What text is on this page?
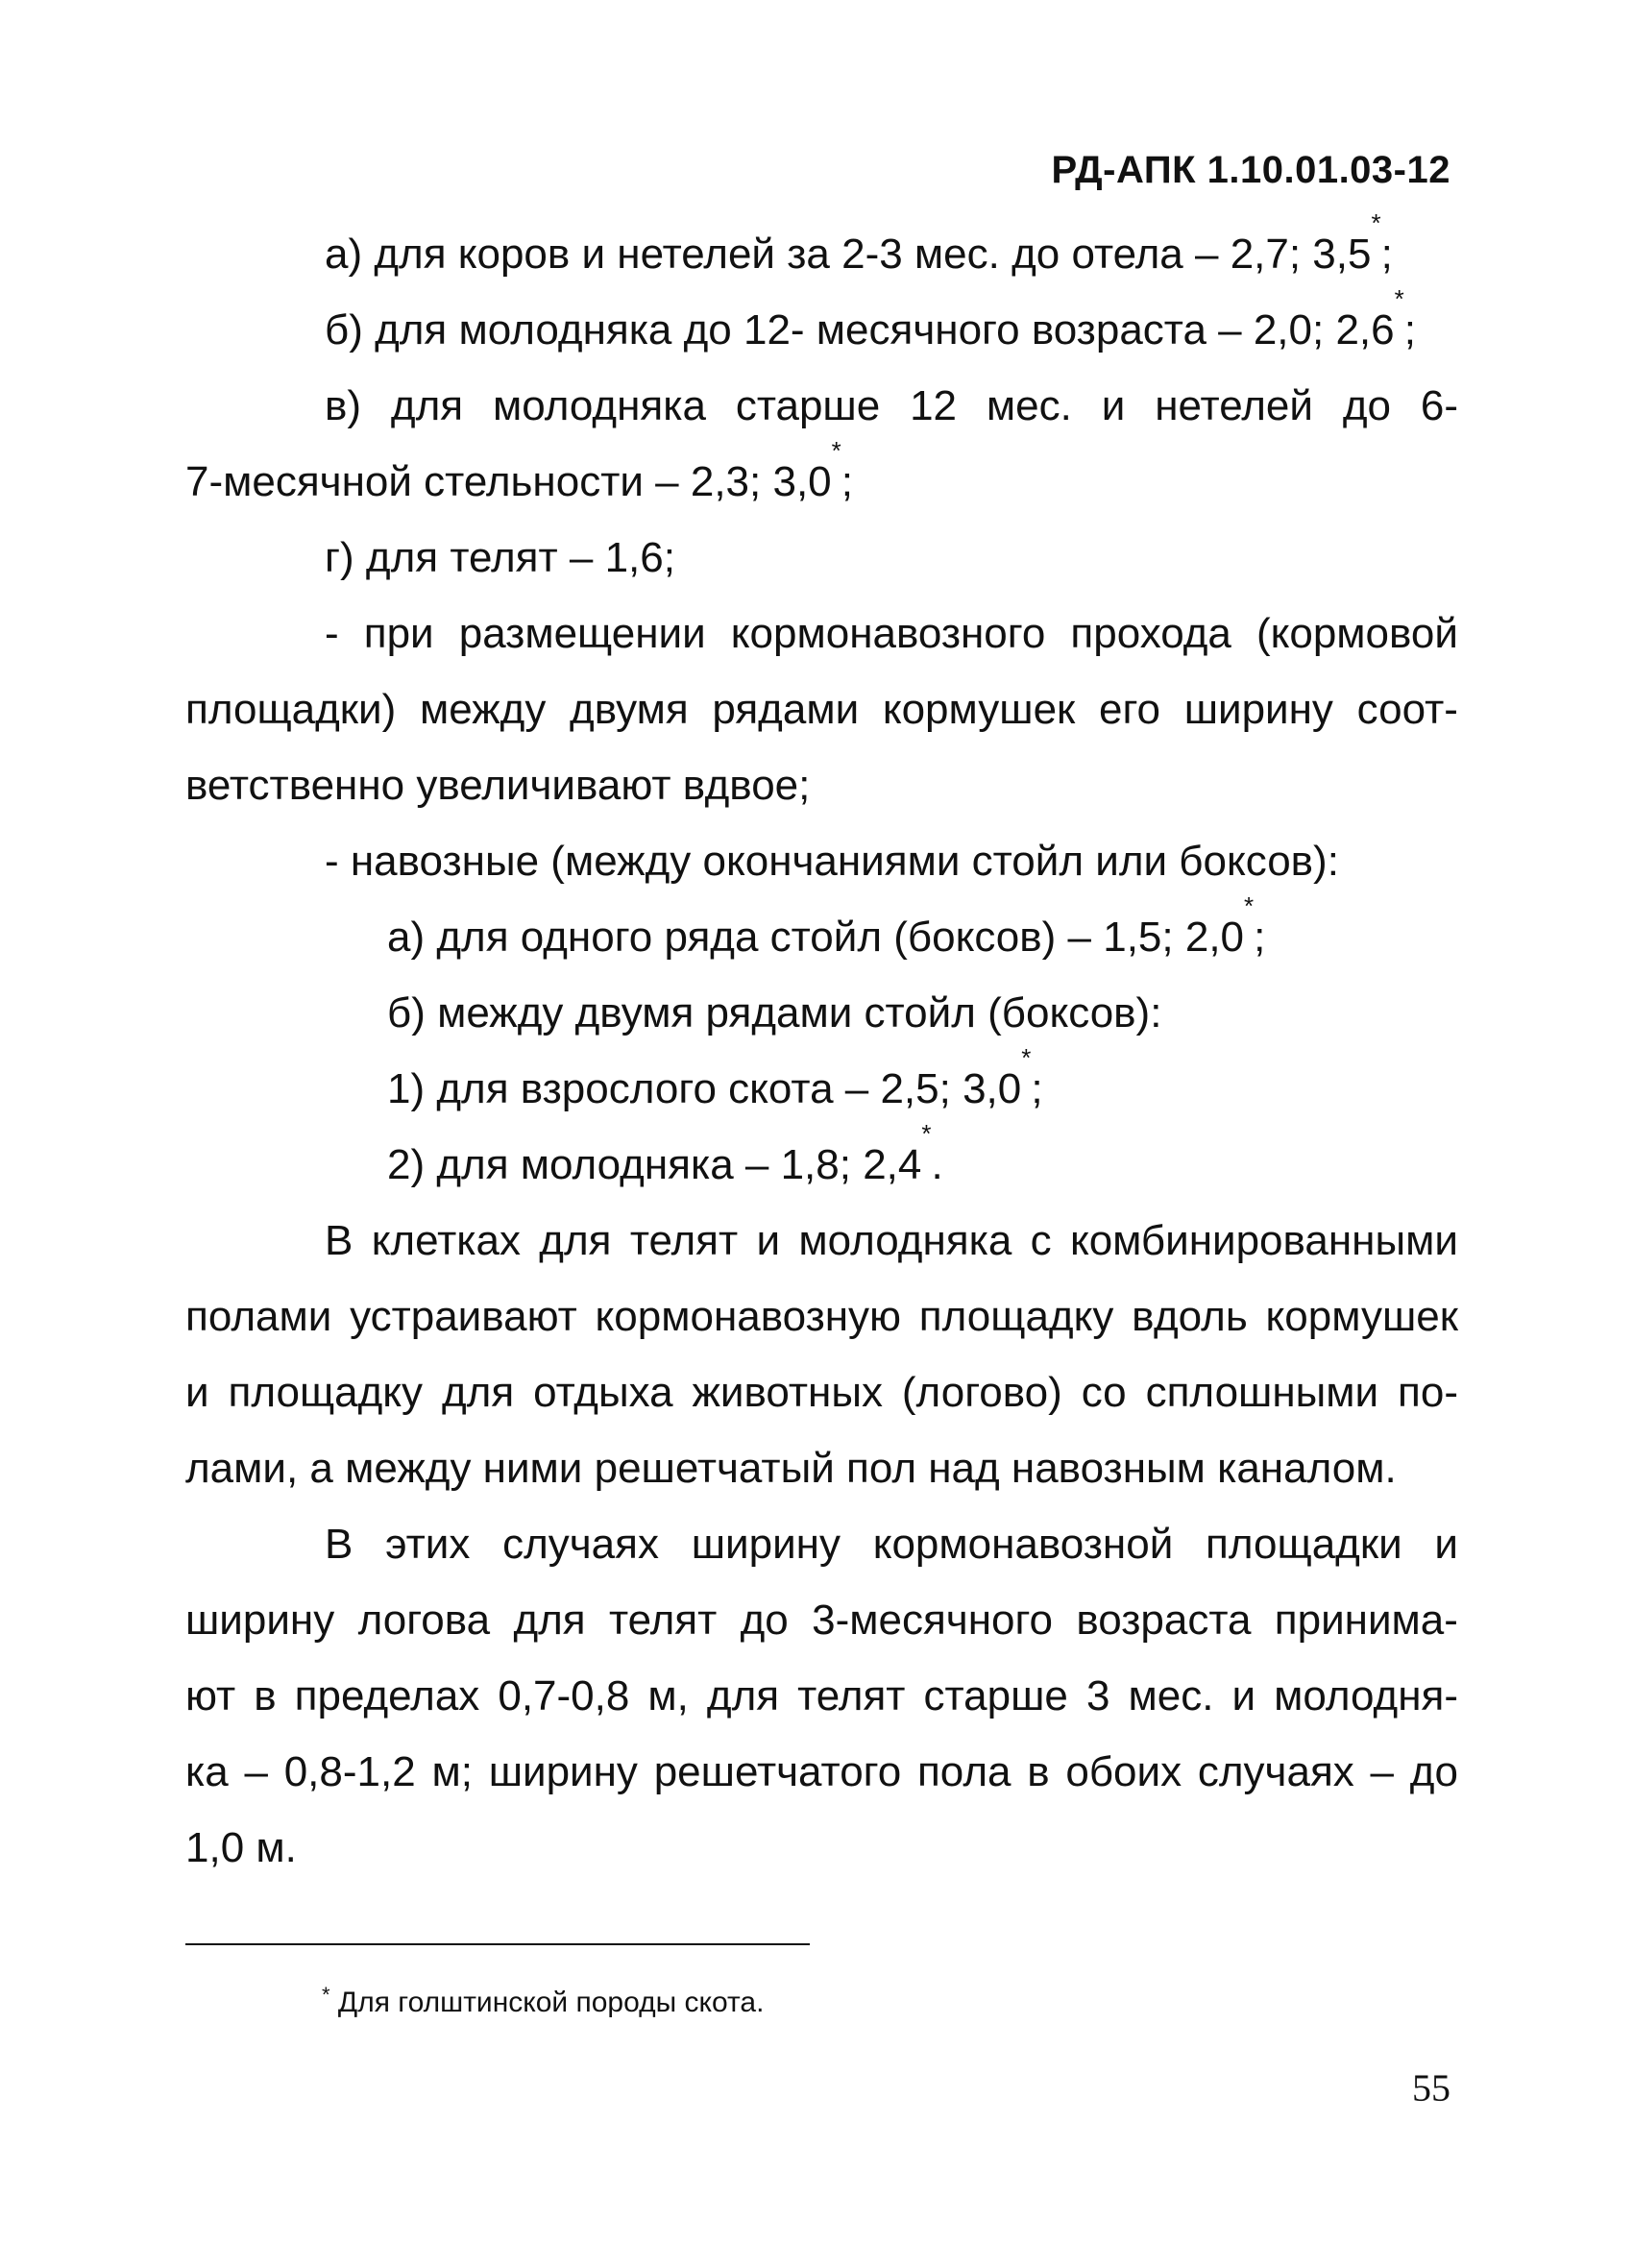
РД-АПК 1.10.01.03-12
а) для коров и нетелей за 2-3 мес. до отела – 2,7; 3,5*;
б) для молодняка до 12- месячного возраста – 2,0; 2,6*;
в) для молодняка старше 12 мес. и нетелей до 6-
7-месячной стельности – 2,3; 3,0*;
г) для телят – 1,6;
- при размещении кормонавозного прохода (кормовой
площадки) между двумя рядами кормушек его ширину соот-
ветственно увеличивают вдвое;
- навозные (между окончаниями стойл или боксов):
а) для одного ряда стойл (боксов) – 1,5; 2,0*;
б) между двумя рядами стойл (боксов):
1) для взрослого скота – 2,5; 3,0*;
2) для молодняка – 1,8; 2,4*.
В клетках для телят и молодняка с комбинированными
полами устраивают кормонавозную площадку вдоль кормушек
и площадку для отдыха животных (логово) со сплошными по-
лами, а между ними решетчатый пол над навозным каналом.
В этих случаях ширину кормонавозной площадки и
ширину логова для телят до 3-месячного возраста принима-
ют в пределах 0,7-0,8 м, для телят старше 3 мес. и молодня-
ка – 0,8-1,2 м; ширину решетчатого пола в обоих случаях – до
1,0 м.
* Для голштинской породы скота.
55
